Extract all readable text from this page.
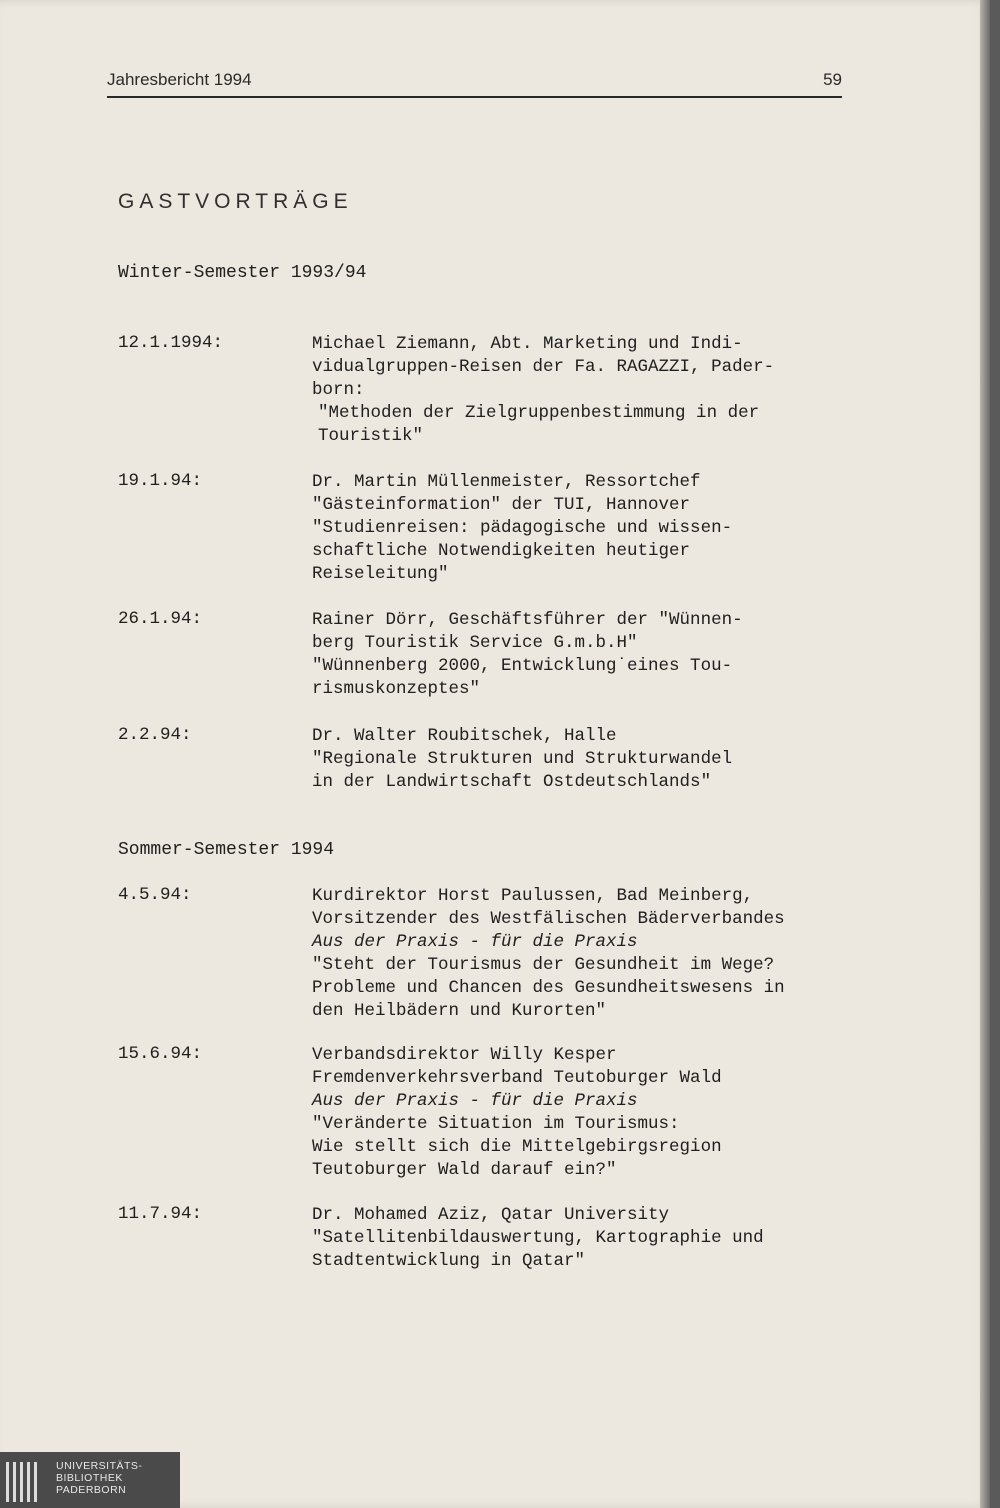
Jahresbericht 1994	59
GASTVORTRÄGE
Winter-Semester 1993/94
12.1.1994:	Michael Ziemann, Abt. Marketing und Indi-
vidualgruppen-Reisen der Fa. RAGAZZI, Pader-
born:
"Methoden der Zielgruppenbestimmung in der
Touristik"
19.1.94:	Dr. Martin Müllenmeister, Ressortchef
"Gästeinformation" der TUI, Hannover
"Studienreisen: pädagogische und wissen-
schaftliche Notwendigkeiten heutiger
Reiseleitung"
26.1.94:	Rainer Dörr, Geschäftsführer der "Wünnen-
berg Touristik Service G.m.b.H"
"Wünnenberg 2000, Entwicklung˙eines Tou-
rismuskonzeptes"
2.2.94:	Dr. Walter Roubitschek, Halle
"Regionale Strukturen und Strukturwandel
in der Landwirtschaft Ostdeutschlands"
Sommer-Semester 1994
4.5.94:	Kurdirektor Horst Paulussen, Bad Meinberg,
Vorsitzender des Westfälischen Bäderverbandes
Aus der Praxis - für die Praxis
"Steht der Tourismus der Gesundheit im Wege?
Probleme und Chancen des Gesundheitswesens in
den Heilbädern und Kurorten"
15.6.94:	Verbandsdirektor Willy Kesper
Fremdenverkehrsverband Teutoburger Wald
Aus der Praxis - für die Praxis
"Veränderte Situation im Tourismus:
Wie stellt sich die Mittelgebirgsregion
Teutoburger Wald darauf ein?"
11.7.94:	Dr. Mohamed Aziz, Qatar University
"Satellitenbildauswertung, Kartographie und
Stadtentwicklung in Qatar"
UNIVERSITÄTS-
BIBLIOTHEK
PADERBORN
